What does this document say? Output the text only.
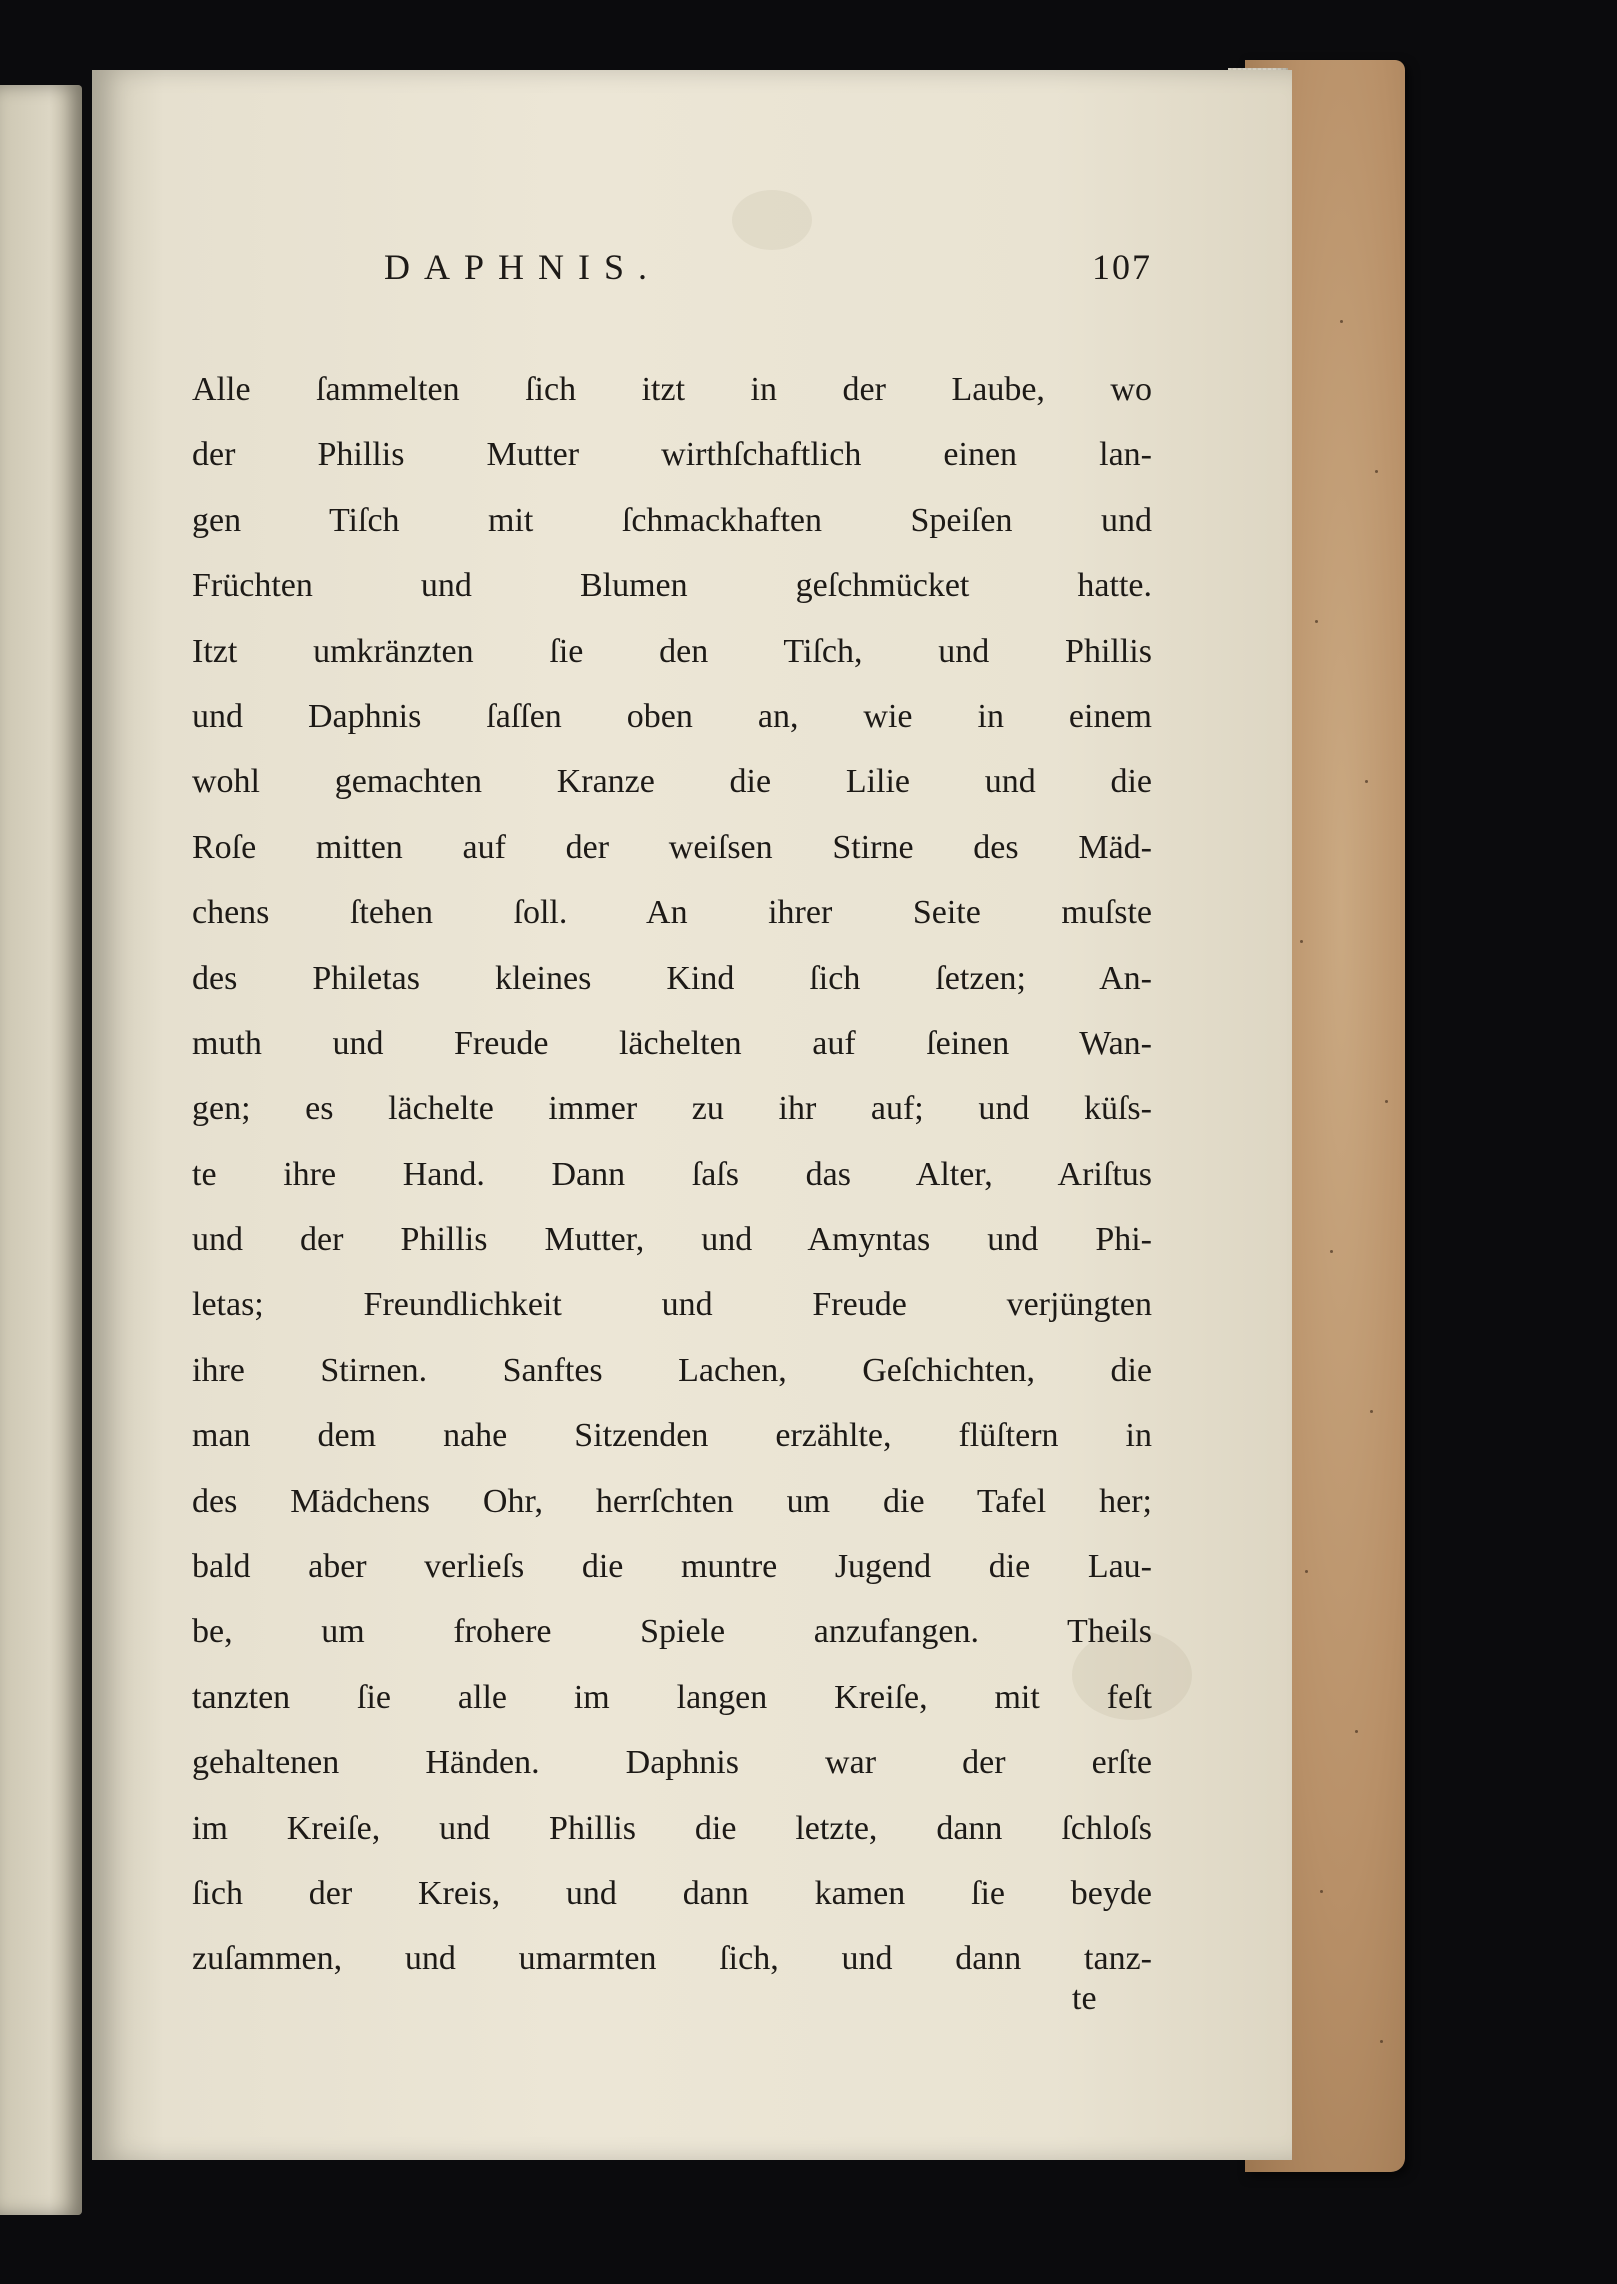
DAPHNIS.	107
Alle ſammelten ſich itzt in der Laube, wo
der Phillis Mutter wirthſchaftlich einen lan-
gen Tiſch mit ſchmackhaften Speiſen und
Früchten und Blumen geſchmücket hatte.
Itzt umkränzten ſie den Tiſch, und Phillis
und Daphnis ſaſſen oben an, wie in einem
wohl gemachten Kranze die Lilie und die
Roſe mitten auf der weiſsen Stirne des Mäd-
chens ſtehen ſoll. An ihrer Seite muſste
des Philetas kleines Kind ſich ſetzen; An-
muth und Freude lächelten auf ſeinen Wan-
gen; es lächelte immer zu ihr auf; und küſs-
te ihre Hand. Dann ſaſs das Alter, Ariſtus
und der Phillis Mutter, und Amyntas und Phi-
letas; Freundlichkeit und Freude verjüngten
ihre Stirnen. Sanftes Lachen, Geſchichten, die
man dem nahe Sitzenden erzählte, flüſtern in
des Mädchens Ohr, herrſchten um die Tafel her;
bald aber verlieſs die muntre Jugend die Lau-
be, um frohere Spiele anzufangen. Theils
tanzten ſie alle im langen Kreiſe, mit feſt
gehaltenen Händen. Daphnis war der erſte
im Kreiſe, und Phillis die letzte, dann ſchloſs
ſich der Kreis, und dann kamen ſie beyde
zuſammen, und umarmten ſich, und dann tanz-
te
